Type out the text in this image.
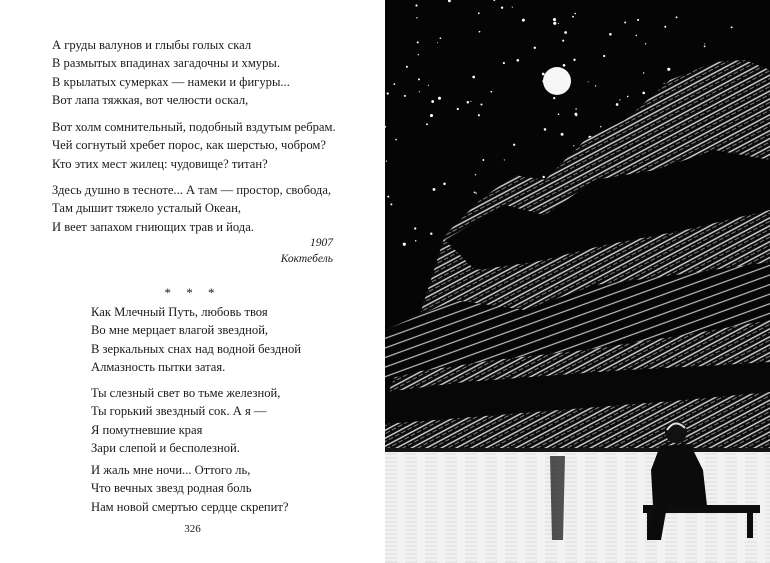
А груды валунов и глыбы голых скал
В размытых впадинах загадочны и хмуры.
В крылатых сумерках — намеки и фигуры...
Вот лапа тяжкая, вот челюсти оскал,
Вот холм сомнительный, подобный вздутым ребрам.
Чей согнутый хребет порос, как шерстью, чобром?
Кто этих мест жилец: чудовище? титан?
Здесь душно в тесноте... А там — простор, свобода,
Там дышит тяжело усталый Океан,
И веет запахом гниющих трав и йода.
1907
Коктебель
* * *
Как Млечный Путь, любовь твоя
Во мне мерцает влагой звездной,
В зеркальных снах над водной бездной
Алмазность пытки затая.
Ты слезный свет во тьме железной,
Ты горький звездный сок. А я —
Я помутневшие края
Зари слепой и бесполезной.
И жаль мне ночи... Оттого ль,
Что вечных звезд родная боль
Нам новой смертью сердце скрепит?
326
